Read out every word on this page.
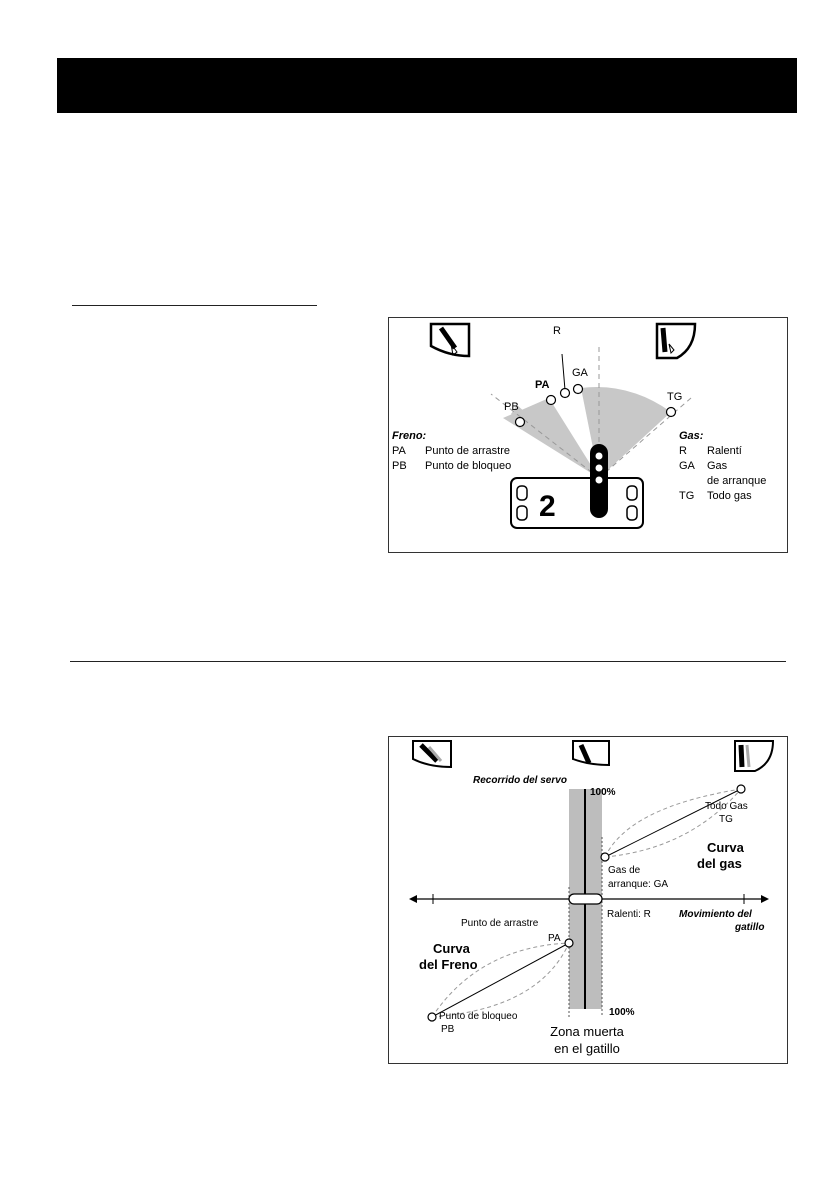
R
PB
PA
GA
TG
Freno:
PA Punto de arrastre
PB Punto de bloqueo
Gas:
R Ralentí
GA Gas
de arranque
TG Todo gas
2
Recorrido del servo
100%
100%
Todo Gas
TG
Curva
del gas
Gas de
arranque: GA
Ralenti: R	Movimiento del
gatillo
Punto de arrastre
PA
Curva
del Freno
Punto de bloqueo
PB	Zona muerta
en el gatillo
